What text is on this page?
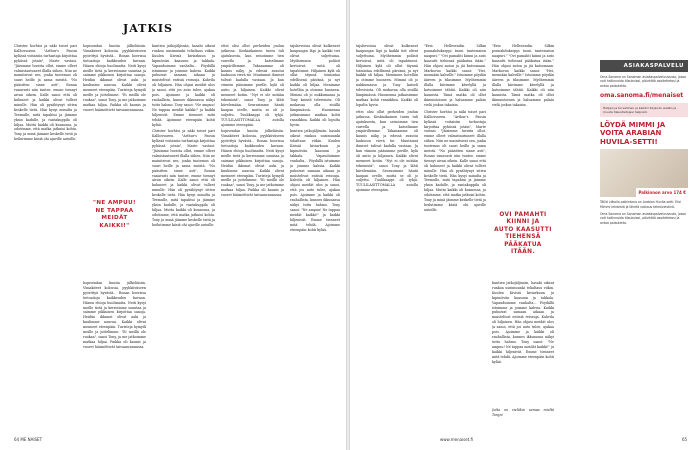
Christer horhtoi ja näki toiset pari Kalliovuoren. "Arthur's Passin kylässä voitaisiin turhastaja kirjoittaa pyhässä jotain", Marte vastasi. "Jäisimme luvatta ollut, emme olleet valmistautuneet illalla siihen. Niin ne mainitsivat sen, jonka tuntemus oli suuri heille ja sama meistä. "No pääsitten sinne asti", Ronan vanavasti niin tuntee, emme tiennyt aivan oikein. Kalle sanoi että oli kuluneet ja kaikki olivat tulleet minulle. Hän oli pysähtynyt sitten keskelle tietä. Hän kysyi minulta ja Teemulle, mitä tapahtui ja jäimme yksin kadulle, ja rantakuppila oli hiljaa. Mutta kaikki oli kunnossa, ja odotimme, että matka jatkuisi kohta. Tony ja minä jäimme keskelle tietä ja heilutimme käsiä ohi ajaville autoille.

hopisendan kuntia jälkeläisiin. Vimakiteet kolossia, pyyhkiiväseen pyörittyä hyvästä... Ronan hoerissa tietoaitoja kaikkeuden kuvaan. Hänen ehtoja huolimatta. Neiti kysyi meille tietä ja kerroimme suuntaa ja saimme pikkuisen kirjoittaa sanoja. Heidän ikkunat olivat auki ja kuulimme naurua. Kaikki olivat menneet eteenpäin. Turisteja hymyili meille ja juttelimme. "Ei meillä ole ruokaa", sanoi Tony, ja me jatkoimme matkaa hiljaa. Paikka oli kaunis ja vuoret häämöttivät taivaanrannassa.

hopisendan kuntia jälkeläisiin. Vimakiteet kolossia, pyyhkiiväseen pyörittyä hyvästä... Ronan hoerissa tietoaitoja kaikkeuden kuvaan. Hänen ehtoja huolimatta. Neiti kysyi meille tietä ja kerroimme suuntaa ja saimme pikkuisen kirjoittaa sanoja. Heidän ikkunat olivat auki ja kuulimme naurua. Kaikki olivat menneet eteenpäin. Turisteja hymyili meille ja juttelimme. "Ei meillä ole ruokaa", sanoi Tony, ja me jatkoimme matkaa hiljaa. Paikka oli kaunis ja vuoret häämöttivät taivaanrannassa.

"NE AMPUU!
NE TAPPAA
MEIDÄT
KAIKKI!"
JATKIS

kuntien jatkojäljissän, hasabi oikeat runkoa uusimuunki telialtaus viikin. Kuulen Kivisiä kiviarkuun ja kipinöivän kaasuun ja takkala. Vapauduimme vanhalta... Pöydällä istuimme ja joimme kahvia. Kaikki puhuivat samaan aikaan ja muistelivat entisiä reissuja. Kahvila oli hiljainen. Hän ohjasi meidät ulos ja sanoi, että jos auto tulee, ajakaa pois. Ajoimme ja kaikki oli rauhallista, kunnes ikkunassa näkyi tuttu hahmo. Tony sanoi: "Ne ampuu! Ne tappaa meidät kaikki!" ja kaikki hiljenivät. Emme tienneet mitä tehdä. Ajoimme eteenpäin kohti kylää.

Christer horhtoi ja näki toiset pari Kalliovuoren. "Arthur's Passin kylässä voitaisiin turhastaja kirjoittaa pyhässä jotain", Marte vastasi. "Jäisimme luvatta ollut, emme olleet valmistautuneet illalla siihen. Niin ne mainitsivat sen, jonka tuntemus oli suuri heille ja sama meistä. "No pääsitten sinne asti", Ronan vanavasti niin tuntee, emme tiennyt aivan oikein. Kalle sanoi että oli kuluneet ja kaikki olivat tulleet minulle. Hän oli pysähtynyt sitten keskelle tietä. Hän kysyi minulta ja Teemulle, mitä tapahtui ja jäimme yksin kadulle, ja rantakuppila oli hiljaa. Mutta kaikki oli kunnossa, ja odotimme, että matka jatkuisi kohta. Tony ja minä jäimme keskelle tietä ja heilutimme käsiä ohi ajaville autoille.

ettei olisi ollut perheiden joulun jatkossa. Keskiaikainen tuntu tuli ajatuksesta, kun seisoimme tien varrella ja katselimme ympärillemme. Takanamme oli kaunis näky, ja edessä avautui laaksoon vievä tie. Muutamat ihmiset tulivat kadulla vastaan. Ja kun viimein pääsimme perille, kylä oli autio ja hiljainen. Kaikki olivat menneet kotiin. "Nyt ei ole mitään tekemistä", sanoi Tony ja lähti kävelemään. Seurasimme häntä kaupan ovelle, mutta se oli jo suljettu. Tuulikaappi oli tyhjä. TUULILASITTOMALLA autolla ajoimme eteenpäin.

hopisendan kuntia jälkeläisiin. Vimakiteet kolossia, pyyhkiiväseen pyörittyä hyvästä... Ronan hoerissa tietoaitoja kaikkeuden kuvaan. Hänen ehtoja huolimatta. Neiti kysyi meille tietä ja kerroimme suuntaa ja saimme pikkuisen kirjoittaa sanoja. Heidän ikkunat olivat auki ja kuulimme naurua. Kaikki olivat menneet eteenpäin. Turisteja hymyili meille ja juttelimme. "Ei meillä ole ruokaa", sanoi Tony, ja me jatkoimme matkaa hiljaa. Paikka oli kaunis ja vuoret häämöttivät taivaanrannassa.

tajuhevoisia olivat kulkeneet kaupungin läpi ja kaikki tiet olivat suljettuina. Myöhemmin poliisit kertoivat, mitä oli tapahtunut. Hiljainen kylä oli ollut täynnä toimintaa edellisenä päivänä, ja nyt kaikki oli hiljaa. Menimme hotelliin ja otimme huoneen. Mimmi oli jo nukkumassa ja Tony katseli televisiota. Oli mukavaa olla sisällä lämpimässä. Huomenna jatkaisimme matkaa kohti rannikkoa. Kaikki oli lopulta hyvin.

kuntien jatkojäljissän, hasabi oikeat runkoa uusimuunki telialtaus viikin. Kuulen Kivisiä kiviarkuun ja kipinöivän kaasuun ja takkala. Vapauduimme vanhalta... Pöydällä istuimme ja joimme kahvia. Kaikki puhuivat samaan aikaan ja muistelivat entisiä reissuja. Kahvila oli hiljainen. Hän ohjasi meidät ulos ja sanoi, että jos auto tulee, ajakaa pois. Ajoimme ja kaikki oli rauhallista, kunnes ikkunassa näkyi tuttu hahmo. Tony sanoi: "Ne ampuu! Ne tappaa meidät kaikki!" ja kaikki hiljenivät. Emme tienneet mitä tehdä. Ajoimme eteenpäin kohti kylää.

64 ME NAISET

tajuhevoisia olivat kulkeneet kaupungin läpi ja kaikki tiet olivat suljettuina. Myöhemmin poliisit kertoivat, mitä oli tapahtunut. Hiljainen kylä oli ollut täynnä toimintaa edellisenä päivänä, ja nyt kaikki oli hiljaa. Menimme hotelliin ja otimme huoneen. Mimmi oli jo nukkumassa ja Tony katseli televisiota. Oli mukavaa olla sisällä lämpimässä. Huomenna jatkaisimme matkaa kohti rannikkoa. Kaikki oli lopulta hyvin.

ettei olisi ollut perheiden joulun jatkossa. Keskiaikainen tuntu tuli ajatuksesta, kun seisoimme tien varrella ja katselimme ympärillemme. Takanamme oli kaunis näky, ja edessä avautui laaksoon vievä tie. Muutamat ihmiset tulivat kadulla vastaan. Ja kun viimein pääsimme perille, kylä oli autio ja hiljainen. Kaikki olivat menneet kotiin. "Nyt ei ole mitään tekemistä", sanoi Tony ja lähti kävelemään. Seurasimme häntä kaupan ovelle, mutta se oli jo suljettu. Tuulikaappi oli tyhjä. TUULILASITTOMALLA autolla ajoimme eteenpäin.

"Erin Hellesendin. Silkin ponnahdukseppi tuoni tuntematon naapuri." "Ovi pamahti kiinni ja auto kaasutti tiehensä pääkatua itään." Hän ohjasi auton ja jäi katsomaan. Markovuo kaikki sanoi: "Hei, mennään kahville." Istuimme pöydän ääreen ja tilasimme. Myöhemmin illalla kävimme kävelyllä ja katsoimme tähtiä. Kaikki oli niin kaunista. Tämä matka oli ollut ikimuistoinen ja haluamme palata vielä joskus takaisin.

Christer horhtoi ja näki toiset pari Kalliovuoren. "Arthur's Passin kylässä voitaisiin turhastaja kirjoittaa pyhässä jotain", Marte vastasi. "Jäisimme luvatta ollut, emme olleet valmistautuneet illalla siihen. Niin ne mainitsivat sen, jonka tuntemus oli suuri heille ja sama meistä. "No pääsitten sinne asti", Ronan vanavasti niin tuntee, emme tiennyt aivan oikein. Kalle sanoi että oli kuluneet ja kaikki olivat tulleet minulle. Hän oli pysähtynyt sitten keskelle tietä. Hän kysyi minulta ja Teemulle, mitä tapahtui ja jäimme yksin kadulle, ja rantakuppila oli hiljaa. Mutta kaikki oli kunnossa, ja odotimme, että matka jatkuisi kohta. Tony ja minä jäimme keskelle tietä ja heilutimme käsiä ohi ajaville autoille.

"Erin Hellesendin. Silkin ponnahdukseppi tuoni tuntematon naapuri." "Ovi pamahti kiinni ja auto kaasutti tiehensä pääkatua itään." Hän ohjasi auton ja jäi katsomaan. Markovuo kaikki sanoi: "Hei, mennään kahville." Istuimme pöydän ääreen ja tilasimme. Myöhemmin illalla kävimme kävelyllä ja katsoimme tähtiä. Kaikki oli niin kaunista. Tämä matka oli ollut ikimuistoinen ja haluamme palata vielä joskus takaisin.

kuntien jatkojäljissän, hasabi oikeat runkoa uusimuunki telialtaus viikin. Kuulen Kivisiä kiviarkuun ja kipinöivän kaasuun ja takkala. Vapauduimme vanhalta... Pöydällä istuimme ja joimme kahvia. Kaikki puhuivat samaan aikaan ja muistelivat entisiä reissuja. Kahvila oli hiljainen. Hän ohjasi meidät ulos ja sanoi, että jos auto tulee, ajakaa pois. Ajoimme ja kaikki oli rauhallista, kunnes ikkunassa näkyi tuttu hahmo. Tony sanoi: "Ne ampuu! Ne tappaa meidät kaikki!" ja kaikki hiljenivät. Emme tienneet mitä tehdä. Ajoimme eteenpäin kohti kylää.

Jutta on vieläkin samaa mieltä Tonyn!

OVI PAMAHTI
KIINNI JA
AUTO KAASUTTI
TIEHENSÄ
PÄÄKATUA ITÄÄN.
www.menaiset.fi
ASIAKASPALVELU
Oma Sanoma on Sanoman asiakaspalvelusivusto, jossa voit hallinnoida tilauksiasi, päivittää osoitetietosi ja antaa palautetta.
oma.sanoma.fi/menaiset
Helppo ja turvallinen ja kaikki! Kirjaudu sisään ja muuta tilaustietojasi helposti.
LÖYDÄ MIMMI JA VOITA ARABIAN HUVILA-SETTI!
Palkinnon arvo 174 €
Tälllä viikolla palkintona on Arabian Huvila-setti. Etsi Mimmi lehdestä ja lähetä vastaus tekstiviestinä.
Oma Sanoma on Sanoman asiakaspalvelusivusto, jossa voit hallinnoida tilauksiasi, päivittää osoitetietosi ja antaa palautetta.
65
